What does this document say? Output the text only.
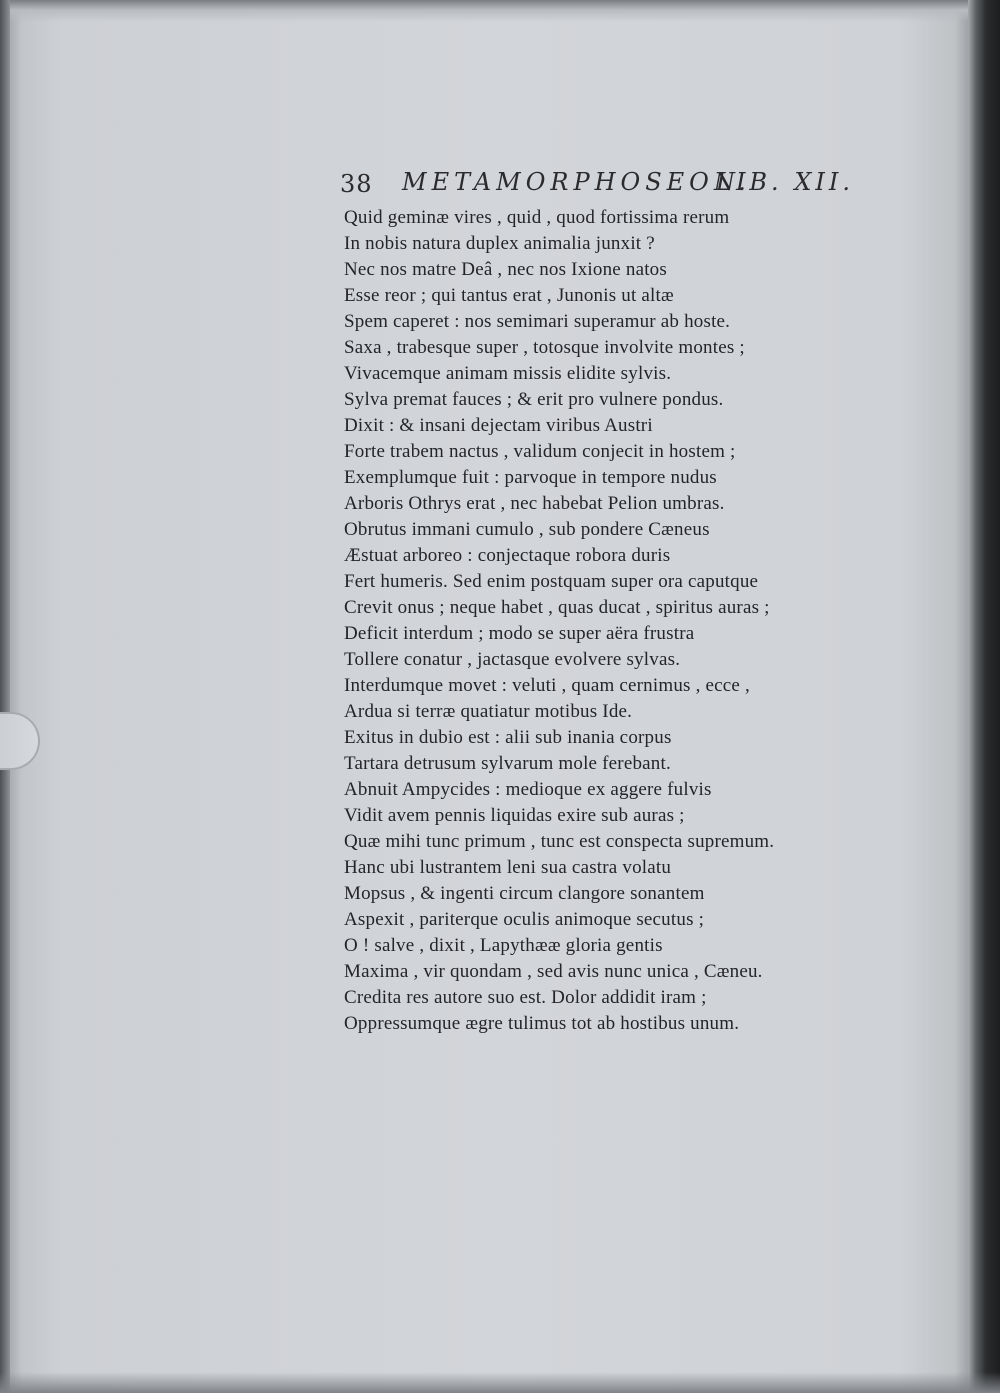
38 METAMORPHOSEON.
LIB. XII.
Quid geminæ vires , quid , quod fortissima rerum
In nobis natura duplex animalia junxit ?
Nec nos matre Deâ , nec nos Ixione natos
Esse reor ; qui tantus erat , Junonis ut altæ
Spem caperet : nos semimari superamur ab hoste.
Saxa , trabesque super , totosque involvite montes ;
Vivacemque animam missis elidite sylvis.
Sylva premat fauces ; & erit pro vulnere pondus.
Dixit : & insani dejectam viribus Austri
Forte trabem nactus , validum conjecit in hostem ;
Exemplumque fuit : parvoque in tempore nudus
Arboris Othrys erat , nec habebat Pelion umbras.
Obrutus immani cumulo , sub pondere Cæneus
Æstuat arboreo : conjectaque robora duris
Fert humeris. Sed enim postquam super ora caputque
Crevit onus ; neque habet , quas ducat , spiritus auras ;
Deficit interdum ; modo se super aëra frustra
Tollere conatur , jactasque evolvere sylvas.
Interdumque movet : veluti , quam cernimus , ecce ,
Ardua si terræ quatiatur motibus Ide.
Exitus in dubio est : alii sub inania corpus
Tartara detrusum sylvarum mole ferebant.
Abnuit Ampycides : medioque ex aggere fulvis
Vidit avem pennis liquidas exire sub auras ;
Quæ mihi tunc primum , tunc est conspecta supremum.
Hanc ubi lustrantem leni sua castra volatu
Mopsus , & ingenti circum clangore sonantem
Aspexit , pariterque oculis animoque secutus ;
O ! salve , dixit , Lapythææ gloria gentis
Maxima , vir quondam , sed avis nunc unica , Cæneu.
Credita res autore suo est. Dolor addidit iram ;
Oppressumque ægre tulimus tot ab hostibus unum.
